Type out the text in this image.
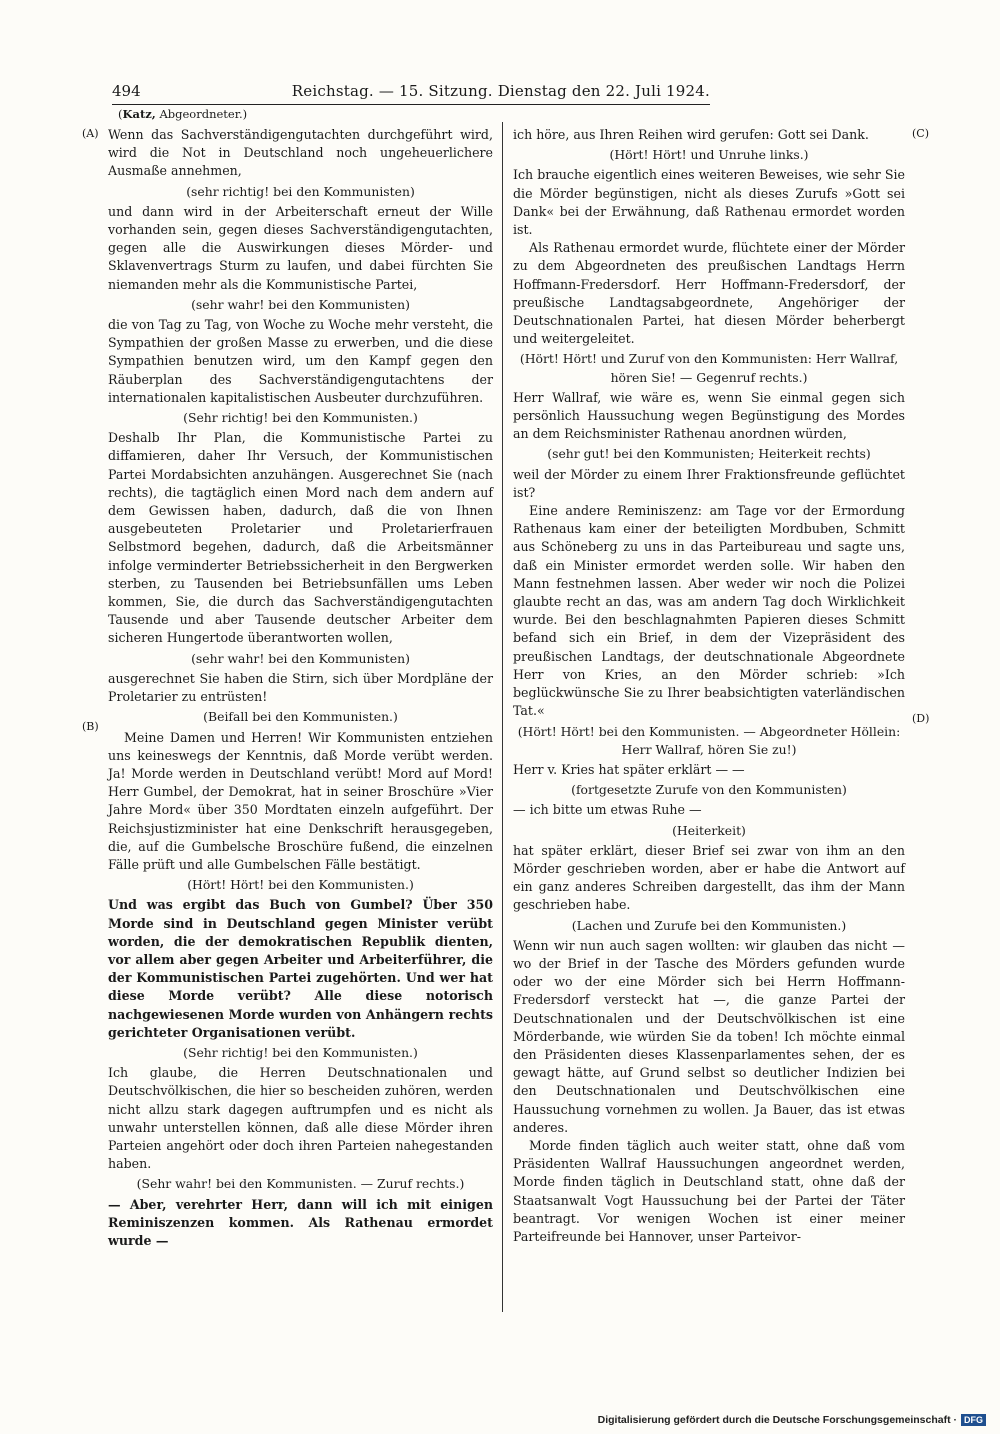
494	Reichstag. — 15. Sitzung. Dienstag den 22. Juli 1924.
(Katz, Abgeordneter.)
(A)
(B)
(C)
(D)

Wenn das Sachverständigengutachten durchgeführt wird, wird die Not in Deutschland noch ungeheuerlichere Ausmaße annehmen,

(sehr richtig! bei den Kommunisten)

und dann wird in der Arbeiterschaft erneut der Wille vorhanden sein, gegen dieses Sachverständigengutachten, gegen alle die Auswirkungen dieses Mörder- und Sklavenvertrags Sturm zu laufen, und dabei fürchten Sie niemanden mehr als die Kommunistische Partei,

(sehr wahr! bei den Kommunisten)

die von Tag zu Tag, von Woche zu Woche mehr versteht, die Sympathien der großen Masse zu erwerben, und die diese Sympathien benutzen wird, um den Kampf gegen den Räuberplan des Sachverständigengutachtens der internationalen kapitalistischen Ausbeuter durchzuführen.

(Sehr richtig! bei den Kommunisten.)

Deshalb Ihr Plan, die Kommunistische Partei zu diffamieren, daher Ihr Versuch, der Kommunistischen Partei Mordabsichten anzuhängen. Ausgerechnet Sie (nach rechts), die tagtäglich einen Mord nach dem andern auf dem Gewissen haben, dadurch, daß die von Ihnen ausgebeuteten Proletarier und Proletarierfrauen Selbstmord begehen, dadurch, daß die Arbeitsmänner infolge verminderter Betriebssicherheit in den Bergwerken sterben, zu Tausenden bei Betriebsunfällen ums Leben kommen, Sie, die durch das Sachverständigengutachten Tausende und aber Tausende deutscher Arbeiter dem sicheren Hungertode überantworten wollen,

(sehr wahr! bei den Kommunisten)

ausgerechnet Sie haben die Stirn, sich über Mordpläne der Proletarier zu entrüsten!

(Beifall bei den Kommunisten.)

Meine Damen und Herren! Wir Kommunisten entziehen uns keineswegs der Kenntnis, daß Morde verübt werden. Ja! Morde werden in Deutschland verübt! Mord auf Mord! Herr Gumbel, der Demokrat, hat in seiner Broschüre »Vier Jahre Mord« über 350 Mordtaten einzeln aufgeführt. Der Reichsjustizminister hat eine Denkschrift herausgegeben, die, auf die Gumbelsche Broschüre fußend, die einzelnen Fälle prüft und alle Gumbelschen Fälle bestätigt.

(Hört! Hört! bei den Kommunisten.)

Und was ergibt das Buch von Gumbel? Über 350 Morde sind in Deutschland gegen Minister verübt worden, die der demokratischen Republik dienten, vor allem aber gegen Arbeiter und Arbeiterführer, die der Kommunistischen Partei zugehörten. Und wer hat diese Morde verübt? Alle diese notorisch nachgewiesenen Morde wurden von Anhängern rechts gerichteter Organisationen verübt.

(Sehr richtig! bei den Kommunisten.)

Ich glaube, die Herren Deutschnationalen und Deutschvölkischen, die hier so bescheiden zuhören, werden nicht allzu stark dagegen auftrumpfen und es nicht als unwahr unterstellen können, daß alle diese Mörder ihren Parteien angehört oder doch ihren Parteien nahegestanden haben.

(Sehr wahr! bei den Kommunisten. — Zuruf rechts.)

— Aber, verehrter Herr, dann will ich mit einigen Reminiszenzen kommen. Als Rathenau ermordet wurde —

ich höre, aus Ihren Reihen wird gerufen: Gott sei Dank.

(Hört! Hört! und Unruhe links.)

Ich brauche eigentlich eines weiteren Beweises, wie sehr Sie die Mörder begünstigen, nicht als dieses Zurufs »Gott sei Dank« bei der Erwähnung, daß Rathenau ermordet worden ist.

Als Rathenau ermordet wurde, flüchtete einer der Mörder zu dem Abgeordneten des preußischen Landtags Herrn Hoffmann-Fredersdorf. Herr Hoffmann-Fredersdorf, der preußische Landtagsabgeordnete, Angehöriger der Deutschnationalen Partei, hat diesen Mörder beherbergt und weitergeleitet.

(Hört! Hört! und Zuruf von den Kommunisten: Herr Wallraf, hören Sie! — Gegenruf rechts.)

Herr Wallraf, wie wäre es, wenn Sie einmal gegen sich persönlich Haussuchung wegen Begünstigung des Mordes an dem Reichsminister Rathenau anordnen würden,

(sehr gut! bei den Kommunisten; Heiterkeit rechts)

weil der Mörder zu einem Ihrer Fraktionsfreunde geflüchtet ist?

Eine andere Reminiszenz: am Tage vor der Ermordung Rathenaus kam einer der beteiligten Mordbuben, Schmitt aus Schöneberg zu uns in das Parteibureau und sagte uns, daß ein Minister ermordet werden solle. Wir haben den Mann festnehmen lassen. Aber weder wir noch die Polizei glaubte recht an das, was am andern Tag doch Wirklichkeit wurde. Bei den beschlagnahmten Papieren dieses Schmitt befand sich ein Brief, in dem der Vizepräsident des preußischen Landtags, der deutschnationale Abgeordnete Herr von Kries, an den Mörder schrieb: »Ich beglückwünsche Sie zu Ihrer beabsichtigten vaterländischen Tat.«

(Hört! Hört! bei den Kommunisten. — Abgeordneter Höllein: Herr Wallraf, hören Sie zu!)

Herr v. Kries hat später erklärt — —

(fortgesetzte Zurufe von den Kommunisten)

— ich bitte um etwas Ruhe —

(Heiterkeit)

hat später erklärt, dieser Brief sei zwar von ihm an den Mörder geschrieben worden, aber er habe die Antwort auf ein ganz anderes Schreiben dargestellt, das ihm der Mann geschrieben habe.

(Lachen und Zurufe bei den Kommunisten.)

Wenn wir nun auch sagen wollten: wir glauben das nicht — wo der Brief in der Tasche des Mörders gefunden wurde oder wo der eine Mörder sich bei Herrn Hoffmann-Fredersdorf versteckt hat —, die ganze Partei der Deutschnationalen und der Deutschvölkischen ist eine Mörderbande, wie würden Sie da toben! Ich möchte einmal den Präsidenten dieses Klassenparlamentes sehen, der es gewagt hätte, auf Grund selbst so deutlicher Indizien bei den Deutschnationalen und Deutschvölkischen eine Haussuchung vornehmen zu wollen. Ja Bauer, das ist etwas anderes.

Morde finden täglich auch weiter statt, ohne daß vom Präsidenten Wallraf Haussuchungen angeordnet werden, Morde finden täglich in Deutschland statt, ohne daß der Staatsanwalt Vogt Haussuchung bei der Partei der Täter beantragt. Vor wenigen Wochen ist einer meiner Parteifreunde bei Hannover, unser Parteivor-

Digitalisierung gefördert durch die Deutsche Forschungsgemeinschaft · DFG
